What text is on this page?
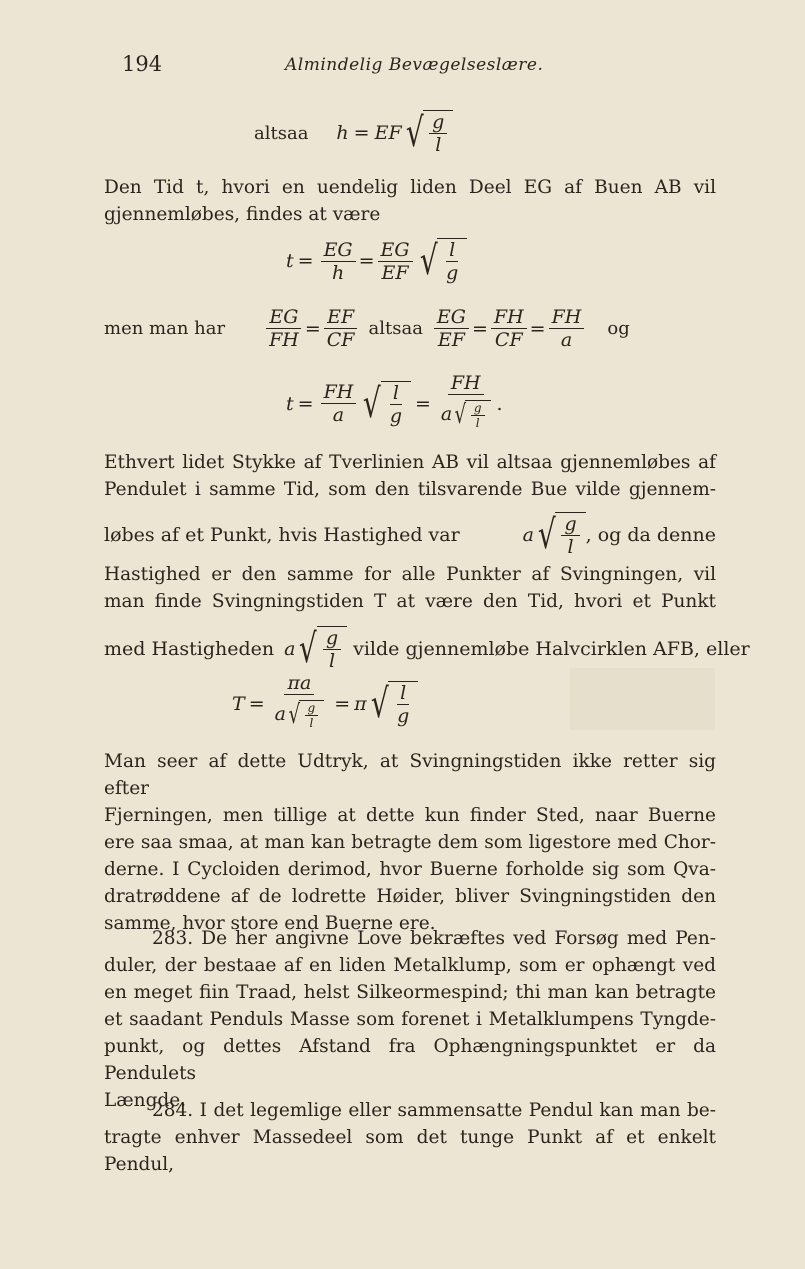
194	Almindelig Bevægelseslære.
altsaa h = EF √ $\frac{g}{l}$
Den Tid t, hvori en uendelig liden Deel EG af Buen AB vil
gjennemløbes, findes at være
$t = \frac{EG}{h} = \frac{EG}{EF}$ √ $\frac{l}{g}$
men man har $\frac{EG}{FH} = \frac{EF}{CF}$ altsaa $\frac{EG}{EF} = \frac{FH}{CF} = \frac{FH}{a}$ og
$t = \frac{FH}{a}$ √ $\frac{l}{g} = \frac{FH}{a √ \frac{g}{l}}$ .
Ethvert lidet Stykke af Tverlinien AB vil altsaa gjennemløbes af
Pendulet i samme Tid, som den tilsvarende Bue vilde gjennem-
løbes af et Punkt, hvis Hastighed var	a √ $\frac{g}{l}$ , og da denne
Hastighed er den samme for alle Punkter af Svingningen, vil
man finde Svingningstiden T at være den Tid, hvori et Punkt
med Hastigheden a √ $\frac{g}{l}$ vilde gjennemløbe Halvcirklen AFB, eller
$T = \frac{\pi a}{a √ \frac{g}{l}} = \pi$ √ $\frac{l}{g}$
Man seer af dette Udtryk, at Svingningstiden ikke retter sig efter
Fjerningen, men tillige at dette kun finder Sted, naar Buerne
ere saa smaa, at man kan betragte dem som ligestore med Chor-
derne. I Cycloiden derimod, hvor Buerne forholde sig som Qva-
dratrøddene af de lodrette Høider, bliver Svingningstiden den
samme, hvor store end Buerne ere.
283. De her angivne Love bekræftes ved Forsøg med Pen-
duler, der bestaae af en liden Metalklump, som er ophængt ved
en meget fiin Traad, helst Silkeormespind; thi man kan betragte
et saadant Penduls Masse som forenet i Metalklumpens Tyngde-
punkt, og dettes Afstand fra Ophængningspunktet er da Pendulets
Længde.
284. I det legemlige eller sammensatte Pendul kan man be-
tragte enhver Massedeel som det tunge Punkt af et enkelt Pendul,
